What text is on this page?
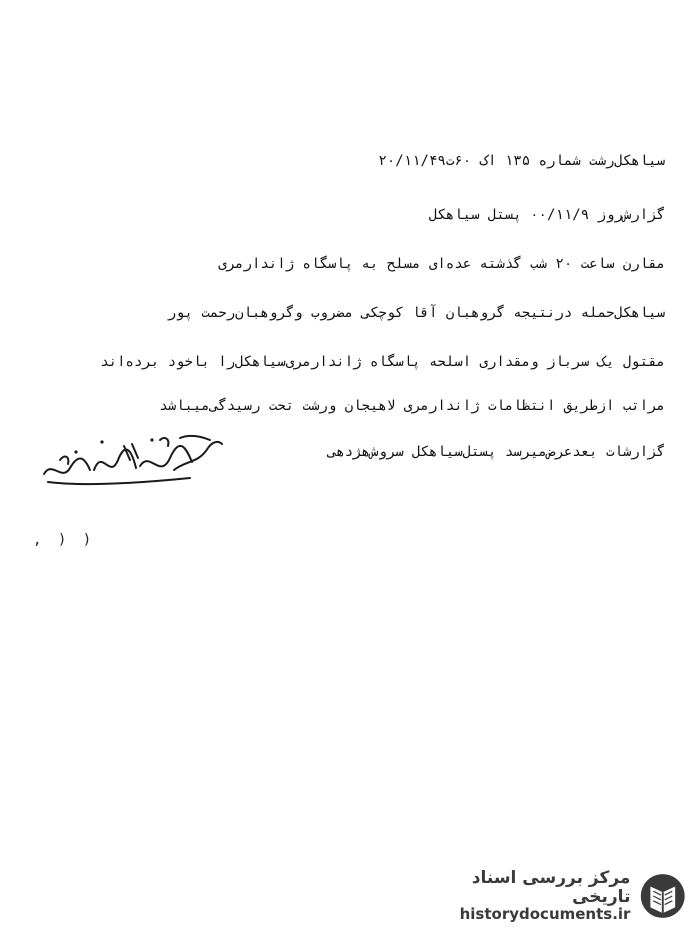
سیاهکل‌رشت شماره ۱۳۵ اک ۶۰ت‌۲۰/۱۱/۴۹
گزارش‌روز ۰۰/۱۱/۹ پستل سیاهکل
مقارن ساعت ۲۰ شب گذشته عده‌ای مسلح به پاسگاه ژاندارمری
سیاهکل‌حمله درنتیجه گروهبان آقا کوچکی مضروب وگروهبان‌رحمت پور
مقتول یک سرباز ومقداری اسلحه پاسگاه ژاندارمری‌سیاهکل‌را باخود برده‌اند
مراتب ازطریق انتظامات ژاندارمری لاهیجان ورشت تحت رسیدگی‌میباشد
گزارشات بعدعرض‌میرسد پستل‌سیاهکل سروش‌هژدهی
, ) )
مرکز بررسی اسناد تاریخی
historydocuments.ir
